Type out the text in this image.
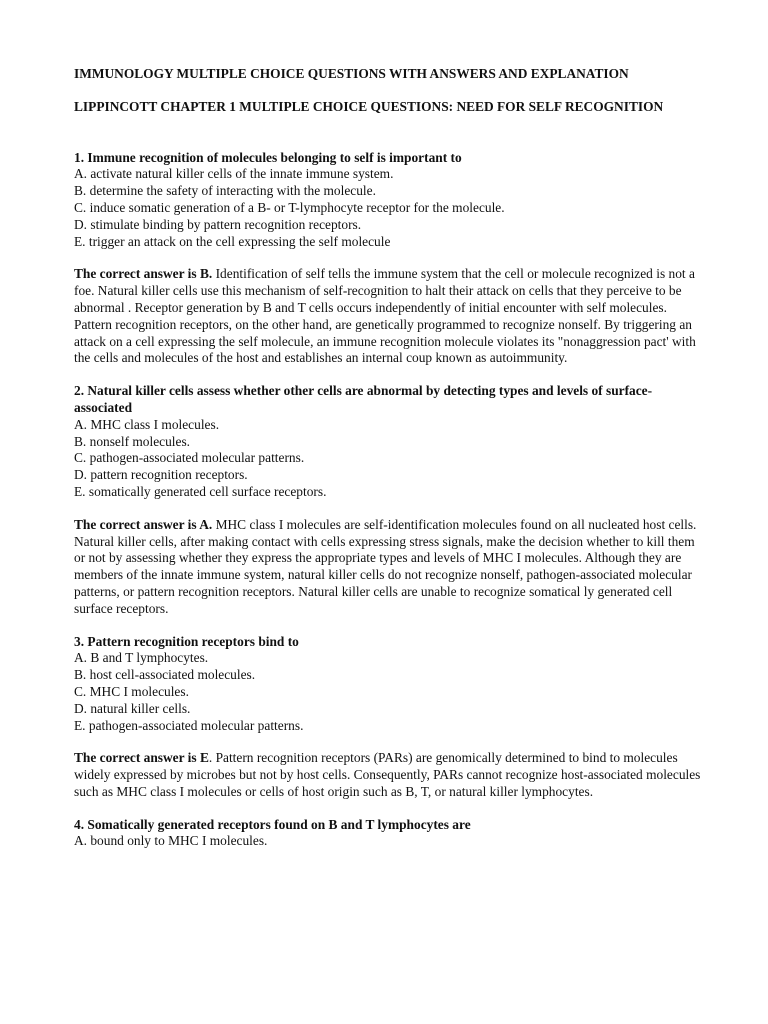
IMMUNOLOGY MULTIPLE CHOICE QUESTIONS WITH ANSWERS AND EXPLANATION

LIPPINCOTT CHAPTER 1 MULTIPLE CHOICE QUESTIONS: NEED FOR SELF RECOGNITION

1. Immune recognition of molecules belonging to self is important to

A. activate natural killer cells of the innate immune system.
B. determine the safety of interacting with the molecule.
C. induce somatic generation of a B- or T-lymphocyte receptor for the molecule.
D. stimulate binding by pattern recognition receptors.
E. trigger an attack on the cell expressing the self molecule

The correct answer is B. Identification of self tells the immune system that the cell or molecule recognized is not a foe. Natural killer cells use this mechanism of self-recognition to halt their attack on cells that they perceive to be abnormal . Receptor generation by B and T cells occurs independently of initial encounter with self molecules. Pattern recognition receptors, on the other hand, are genetically programmed to recognize nonself. By triggering an attack on a cell expressing the self molecule, an immune recognition molecule violates its "nonaggression pact' with the cells and molecules of the host and establishes an internal coup known as autoimmunity.

2. Natural killer cells assess whether other cells are abnormal by detecting types and levels of surface-associated

A. MHC class I molecules.
B. nonself molecules.
C. pathogen-associated molecular patterns.
D. pattern recognition receptors.
E. somatically generated cell surface receptors.

The correct answer is A. MHC class I molecules are self-identification molecules found on all nucleated host cells. Natural killer cells, after making contact with cells expressing stress signals, make the decision whether to kill them or not by assessing whether they express the appropriate types and levels of MHC I molecules. Although they are members of the innate immune system, natural killer cells do not recognize nonself, pathogen-associated molecular patterns, or pattern recognition receptors. Natural killer cells are unable to recognize somatical ly generated cell surface receptors.

3. Pattern recognition receptors bind to

A. B and T lymphocytes.
B. host cell-associated molecules.
C. MHC I molecules.
D. natural killer cells.
E. pathogen-associated molecular patterns.

The correct answer is E. Pattern recognition receptors (PARs) are genomically determined to bind to molecules widely expressed by microbes but not by host cells. Consequently, PARs cannot recognize host-associated molecules such as MHC class I molecules or cells of host origin such as B, T, or natural killer lymphocytes.

4. Somatically generated receptors found on B and T lymphocytes are

A. bound only to MHC I molecules.
